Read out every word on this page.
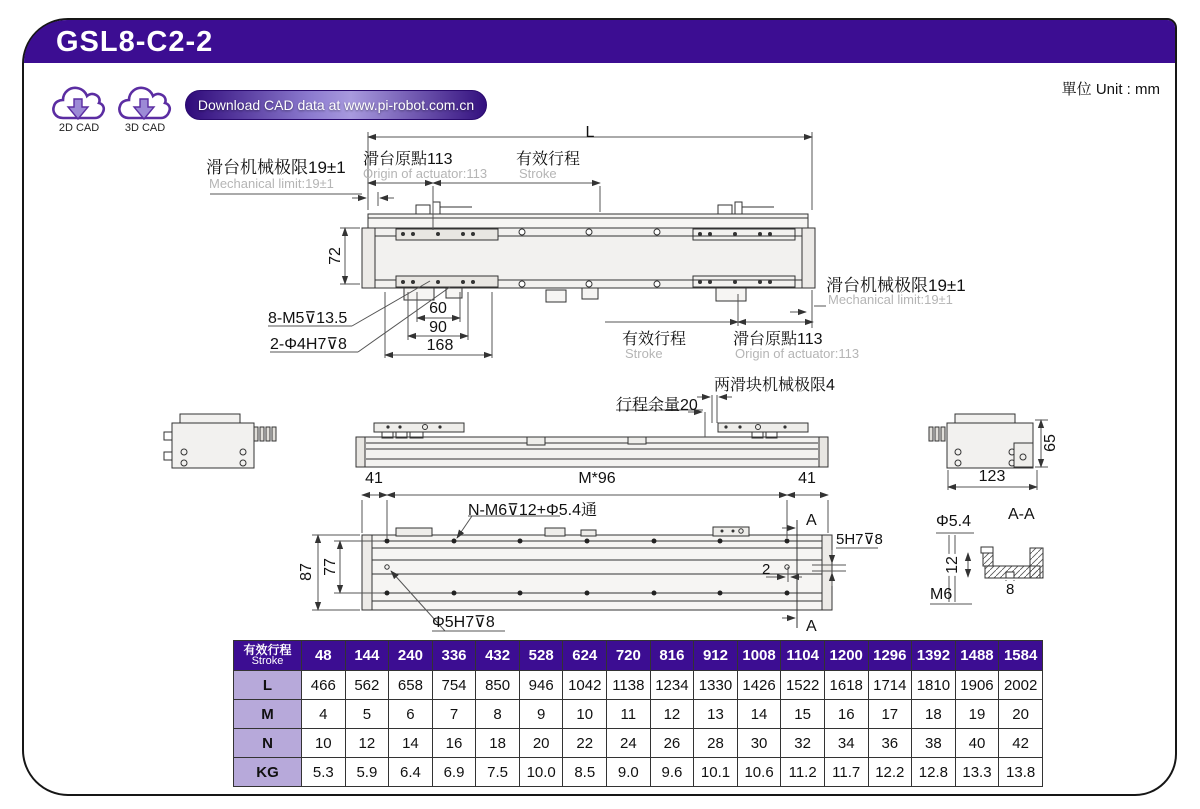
GSL8-C2-2
單位 Unit : mm
2D CAD	3D CAD
Download CAD data at www.pi-robot.com.cn
L
滑台原點113
Origin of actuator:113
有效行程
Stroke
滑台机械极限19±1
Mechanical limit:19±1
72
8-M5⊽13.5
2-Φ4H7⊽8
60
90
168
滑台机械极限19±1
Mechanical limit:19±1
有效行程
Stroke
滑台原點113
Origin of actuator:113
两滑块机械极限4
行程余量20
65
123
41	M*96	41
N-M6⊽12+Φ5.4通
A
A
87 77
Φ5H7⊽8
5H7⊽8
2
A-A
Φ5.4
12
M6	8
有效行程
Stroke	48	144	240	336	432	528	624	720	816	912	1008	1104	1200	1296	1392	1488	1584
L	466	562	658	754	850	946	1042	1138	1234	1330	1426	1522	1618	1714	1810	1906	2002
M	4	5	6	7	8	9	10	11	12	13	14	15	16	17	18	19	20
N	10	12	14	16	18	20	22	24	26	28	30	32	34	36	38	40	42
KG	5.3	5.9	6.4	6.9	7.5	10.0	8.5	9.0	9.6	10.1	10.6	11.2	11.7	12.2	12.8	13.3	13.8
